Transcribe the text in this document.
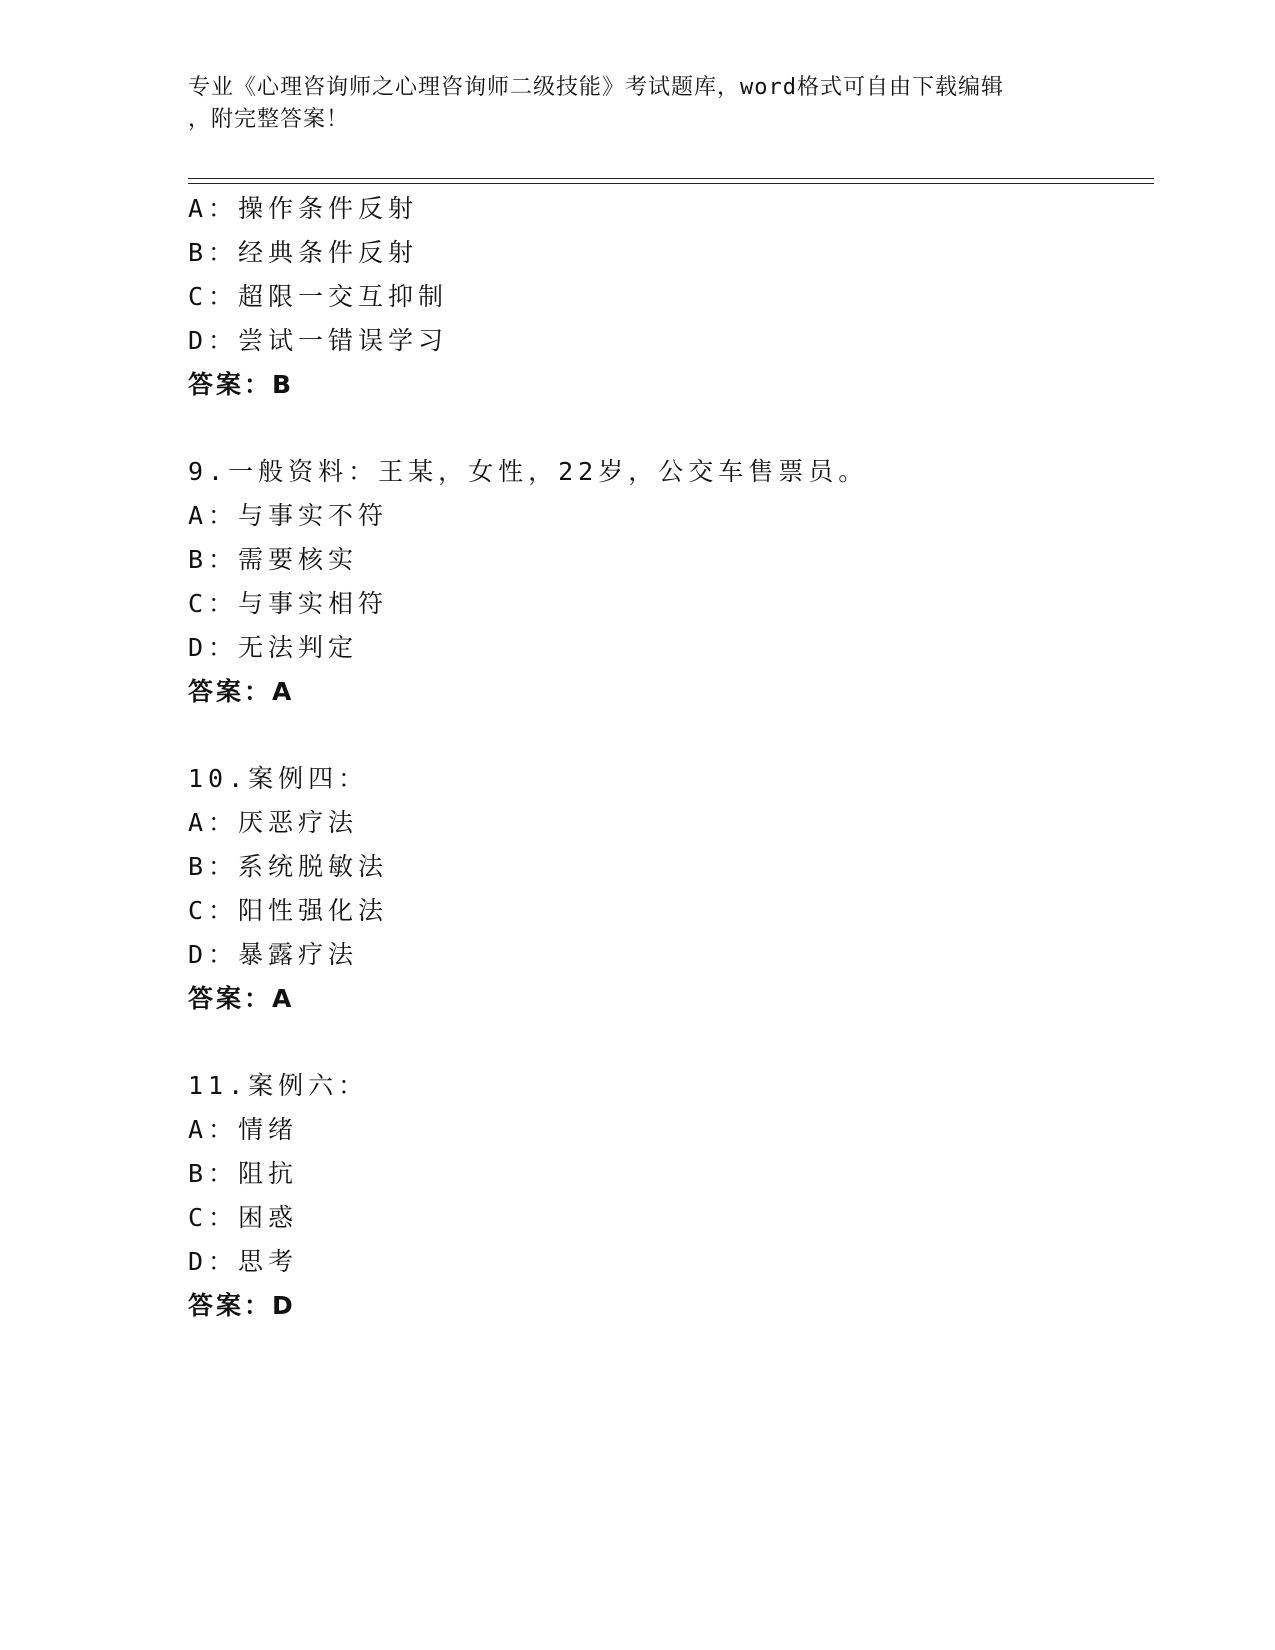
专业《心理咨询师之心理咨询师二级技能》考试题库，word格式可自由下载编辑
，附完整答案！
A：操作条件反射
B：经典条件反射
C：超限一交互抑制
D：尝试一错误学习
答案：B
9.一般资料：王某，女性，22岁，公交车售票员。
A：与事实不符
B：需要核实
C：与事实相符
D：无法判定
答案：A
10.案例四：
A：厌恶疗法
B：系统脱敏法
C：阳性强化法
D：暴露疗法
答案：A
11.案例六：
A：情绪
B：阻抗
C：困惑
D：思考
答案：D
